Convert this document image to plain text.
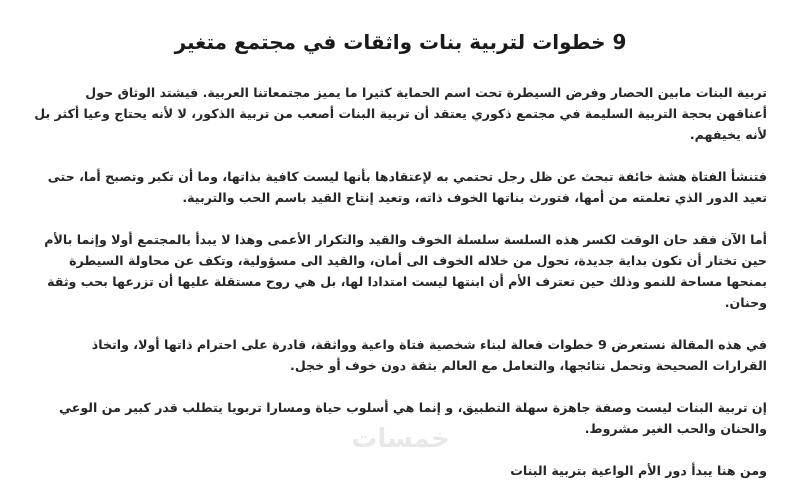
9 خطوات لتربية بنات واثقات في مجتمع متغير

تربية البنات مابين الحصار وفرض السيطرة تحت اسم الحماية كثيرا ما يميز مجتمعاتنا العربية. فيشتد الوثاق حول أعناقهن بحجة التربية السليمة في مجتمع ذكوري يعتقد أن تربية البنات أصعب من تربية الذكور، لا لأنه يحتاج وعيا أكثر بل لأنه يخيفهم.

فتنشأ الفتاة هشة خائفة تبحث عن ظل رجل تحتمي به لإعتقادها بأنها ليست كافية بذاتها، وما أن تكبر وتصبح أما، حتى تعيد الدور الذي تعلمته من أمها، فتورث بناتها الخوف ذاته، وتعيد إنتاج القيد باسم الحب والتربية.

أما الآن فقد حان الوقت لكسر هذه السلسة سلسلة الخوف والقيد والتكرار الأعمى وهذا لا يبدأ بالمجتمع أولا وإنما بالأم حين تختار أن تكون بداية جديدة، تحول من خلاله الخوف الى أمان، والقيد الى مسؤولية، وتكف عن محاولة السيطرة بمنحها مساحة للنمو وذلك حين تعترف الأم أن ابنتها ليست امتدادا لها، بل هي روح مستقلة عليها أن تزرعها بحب وثقة وحنان.

في هذه المقالة نستعرض 9 خطوات فعالة لبناء شخصية فتاة واعية وواثقة، قادرة على احترام ذاتها أولا، واتخاذ القرارات الصحيحة وتحمل نتائجها، والتعامل مع العالم بثقة دون خوف أو خجل.

إن تربية البنات ليست وصفة جاهزة سهلة التطبيق، و إنما هي أسلوب حياة ومسارا تربويا يتطلب قدر كبير من الوعي والحنان والحب الغير مشروط.

ومن هنا يبدأ دور الأم الواعية بتربية البنات

خمسات
